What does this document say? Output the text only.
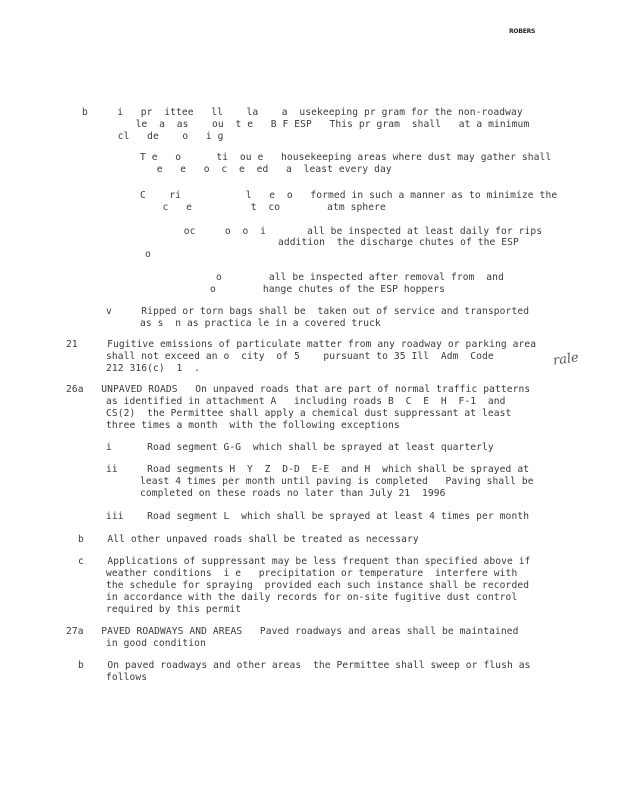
ROBERS
rale
b     i   pr  ittee   ll    la    a  usekeeping pr gram for the non-roadway
le  a  as    ou  t e   B F ESP   This pr gram  shall   at a minimum
cl   de    o   i g
T e   o      ti  ou e   housekeeping areas where dust may gather shall
e   e   o  c  e  ed   a  least every day
C    ri           l   e  o   formed in such a manner as to minimize the
c   e          t  co        atm sphere
oc     o  o  i       all be inspected at least daily for rips
addition  the discharge chutes of the ESP
o
o        all be inspected after removal from  and
o        hange chutes of the ESP hoppers
v     Ripped or torn bags shall be  taken out of service and transported
as s  n as practica le in a covered truck
21     Fugitive emissions of particulate matter from any roadway or parking area
shall not exceed an o  city  of 5    pursuant to 35 Ill  Adm  Code
212 316(c)  1  .
26a   UNPAVED ROADS   On unpaved roads that are part of normal traffic patterns
as identified in attachment A   including roads B  C  E  H  F-1  and
CS(2)  the Permittee shall apply a chemical dust suppressant at least
three times a month  with the following exceptions
i      Road segment G-G  which shall be sprayed at least quarterly
ii     Road segments H  Y  Z  D-D  E-E  and H  which shall be sprayed at
least 4 times per month until paving is completed   Paving shall be
completed on these roads no later than July 21  1996
iii    Road segment L  which shall be sprayed at least 4 times per month
b    All other unpaved roads shall be treated as necessary
c    Applications of suppressant may be less frequent than specified above if
weather conditions  i e   precipitation or temperature  interfere with
the schedule for spraying  provided each such instance shall be recorded
in accordance with the daily records for on-site fugitive dust control
required by this permit
27a   PAVED ROADWAYS AND AREAS   Paved roadways and areas shall be maintained
in good condition
b    On paved roadways and other areas  the Permittee shall sweep or flush as
follows
